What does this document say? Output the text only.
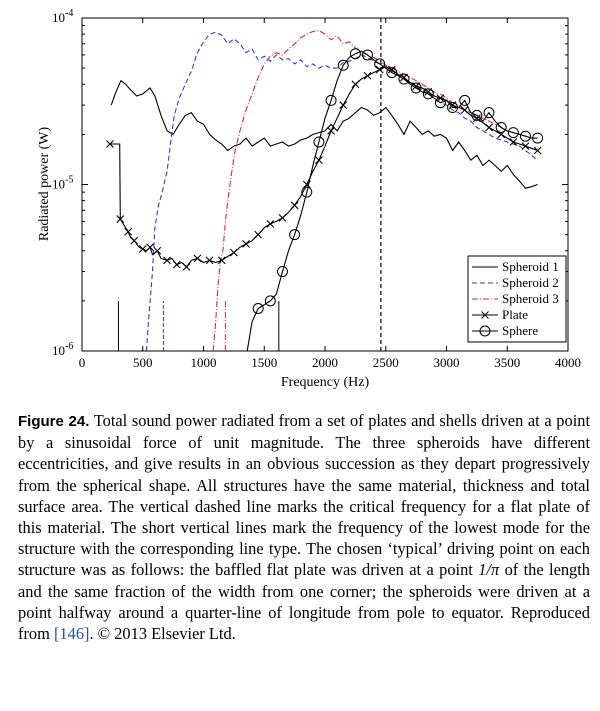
0	500	1000	1500	2000	2500	3000	3500	4000
$10^{-6}$
$10^{-5}$
$10^{-4}$
Frequency (Hz)
Radiated power (W)
Spheroid 1
Spheroid 2
Spheroid 3
Plate
Sphere

Figure 24. Total sound power radiated from a set of plates and shells driven at a point by a sinusoidal force of unit magnitude. The three spheroids have different eccentricities, and give results in an obvious succession as they depart progressively from the spherical shape. All structures have the same material, thickness and total surface area. The vertical dashed line marks the critical frequency for a flat plate of this material. The short vertical lines mark the frequency of the lowest mode for the structure with the corresponding line type. The chosen ‘typical’ driving point on each structure was as follows: the baffled flat plate was driven at a point 1/π of the length and the same fraction of the width from one corner; the spheroids were driven at a point halfway around a quarter-line of longitude from pole to equator. Reproduced from [146]. © 2013 Elsevier Ltd.
